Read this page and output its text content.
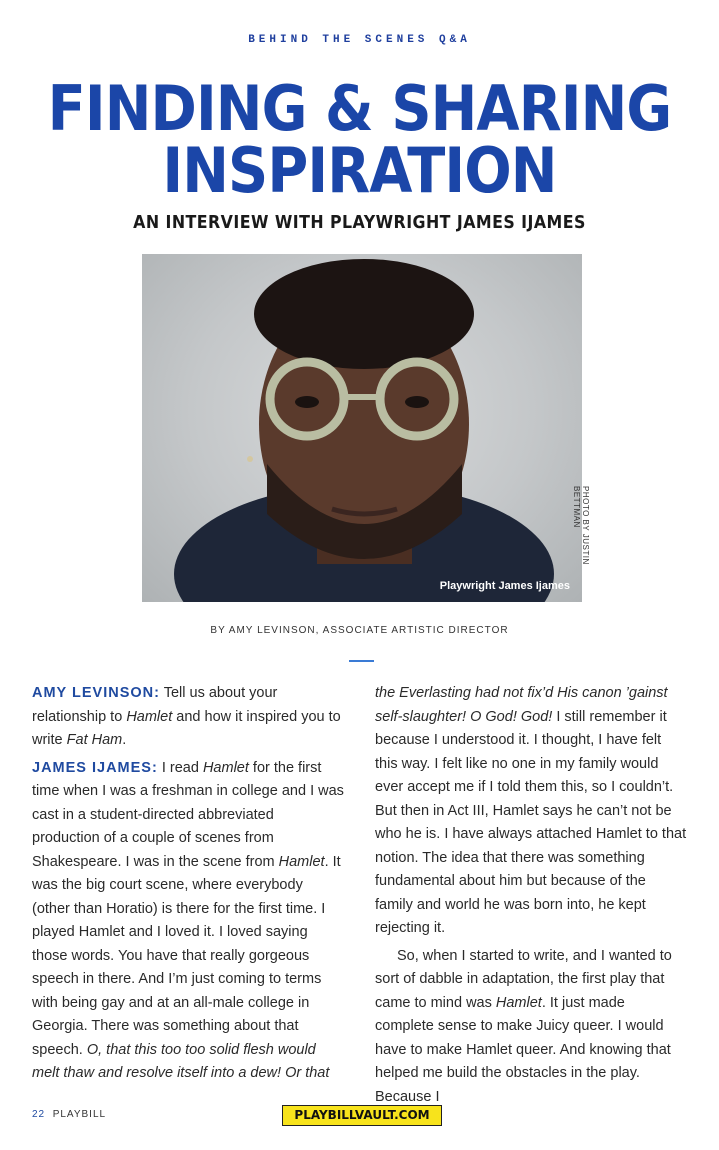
BEHIND THE SCENES Q&A
FINDING & SHARING
INSPIRATION
AN INTERVIEW WITH PLAYWRIGHT JAMES IJAMES
Playwright James Ijames
PHOTO BY JUSTIN BETTMAN
BY AMY LEVINSON, ASSOCIATE ARTISTIC DIRECTOR

AMY LEVINSON: Tell us about your relationship to Hamlet and how it inspired you to write Fat Ham.

JAMES IJAMES: I read Hamlet for the first time when I was a freshman in college and I was cast in a student-directed abbreviated production of a couple of scenes from Shakespeare. I was in the scene from Hamlet. It was the big court scene, where everybody (other than Horatio) is there for the first time. I played Hamlet and I loved it. I loved saying those words. You have that really gorgeous speech in there. And I’m just coming to terms with being gay and at an all-male college in Georgia. There was something about that speech. O, that this too too solid flesh would melt thaw and resolve itself into a dew! Or that

the Everlasting had not fix’d His canon ’gainst self-slaughter! O God! God! I still remember it because I understood it. I thought, I have felt this way. I felt like no one in my family would ever accept me if I told them this, so I couldn’t. But then in Act III, Hamlet says he can’t not be who he is. I have always attached Hamlet to that notion. The idea that there was something fundamental about him but because of the family and world he was born into, he kept rejecting it.

So, when I started to write, and I wanted to sort of dabble in adaptation, the first play that came to mind was Hamlet. It just made complete sense to make Juicy queer. I would have to make Hamlet queer. And knowing that helped me build the obstacles in the play. Because I

22 PLAYBILL	PLAYBILLVAULT.COM
